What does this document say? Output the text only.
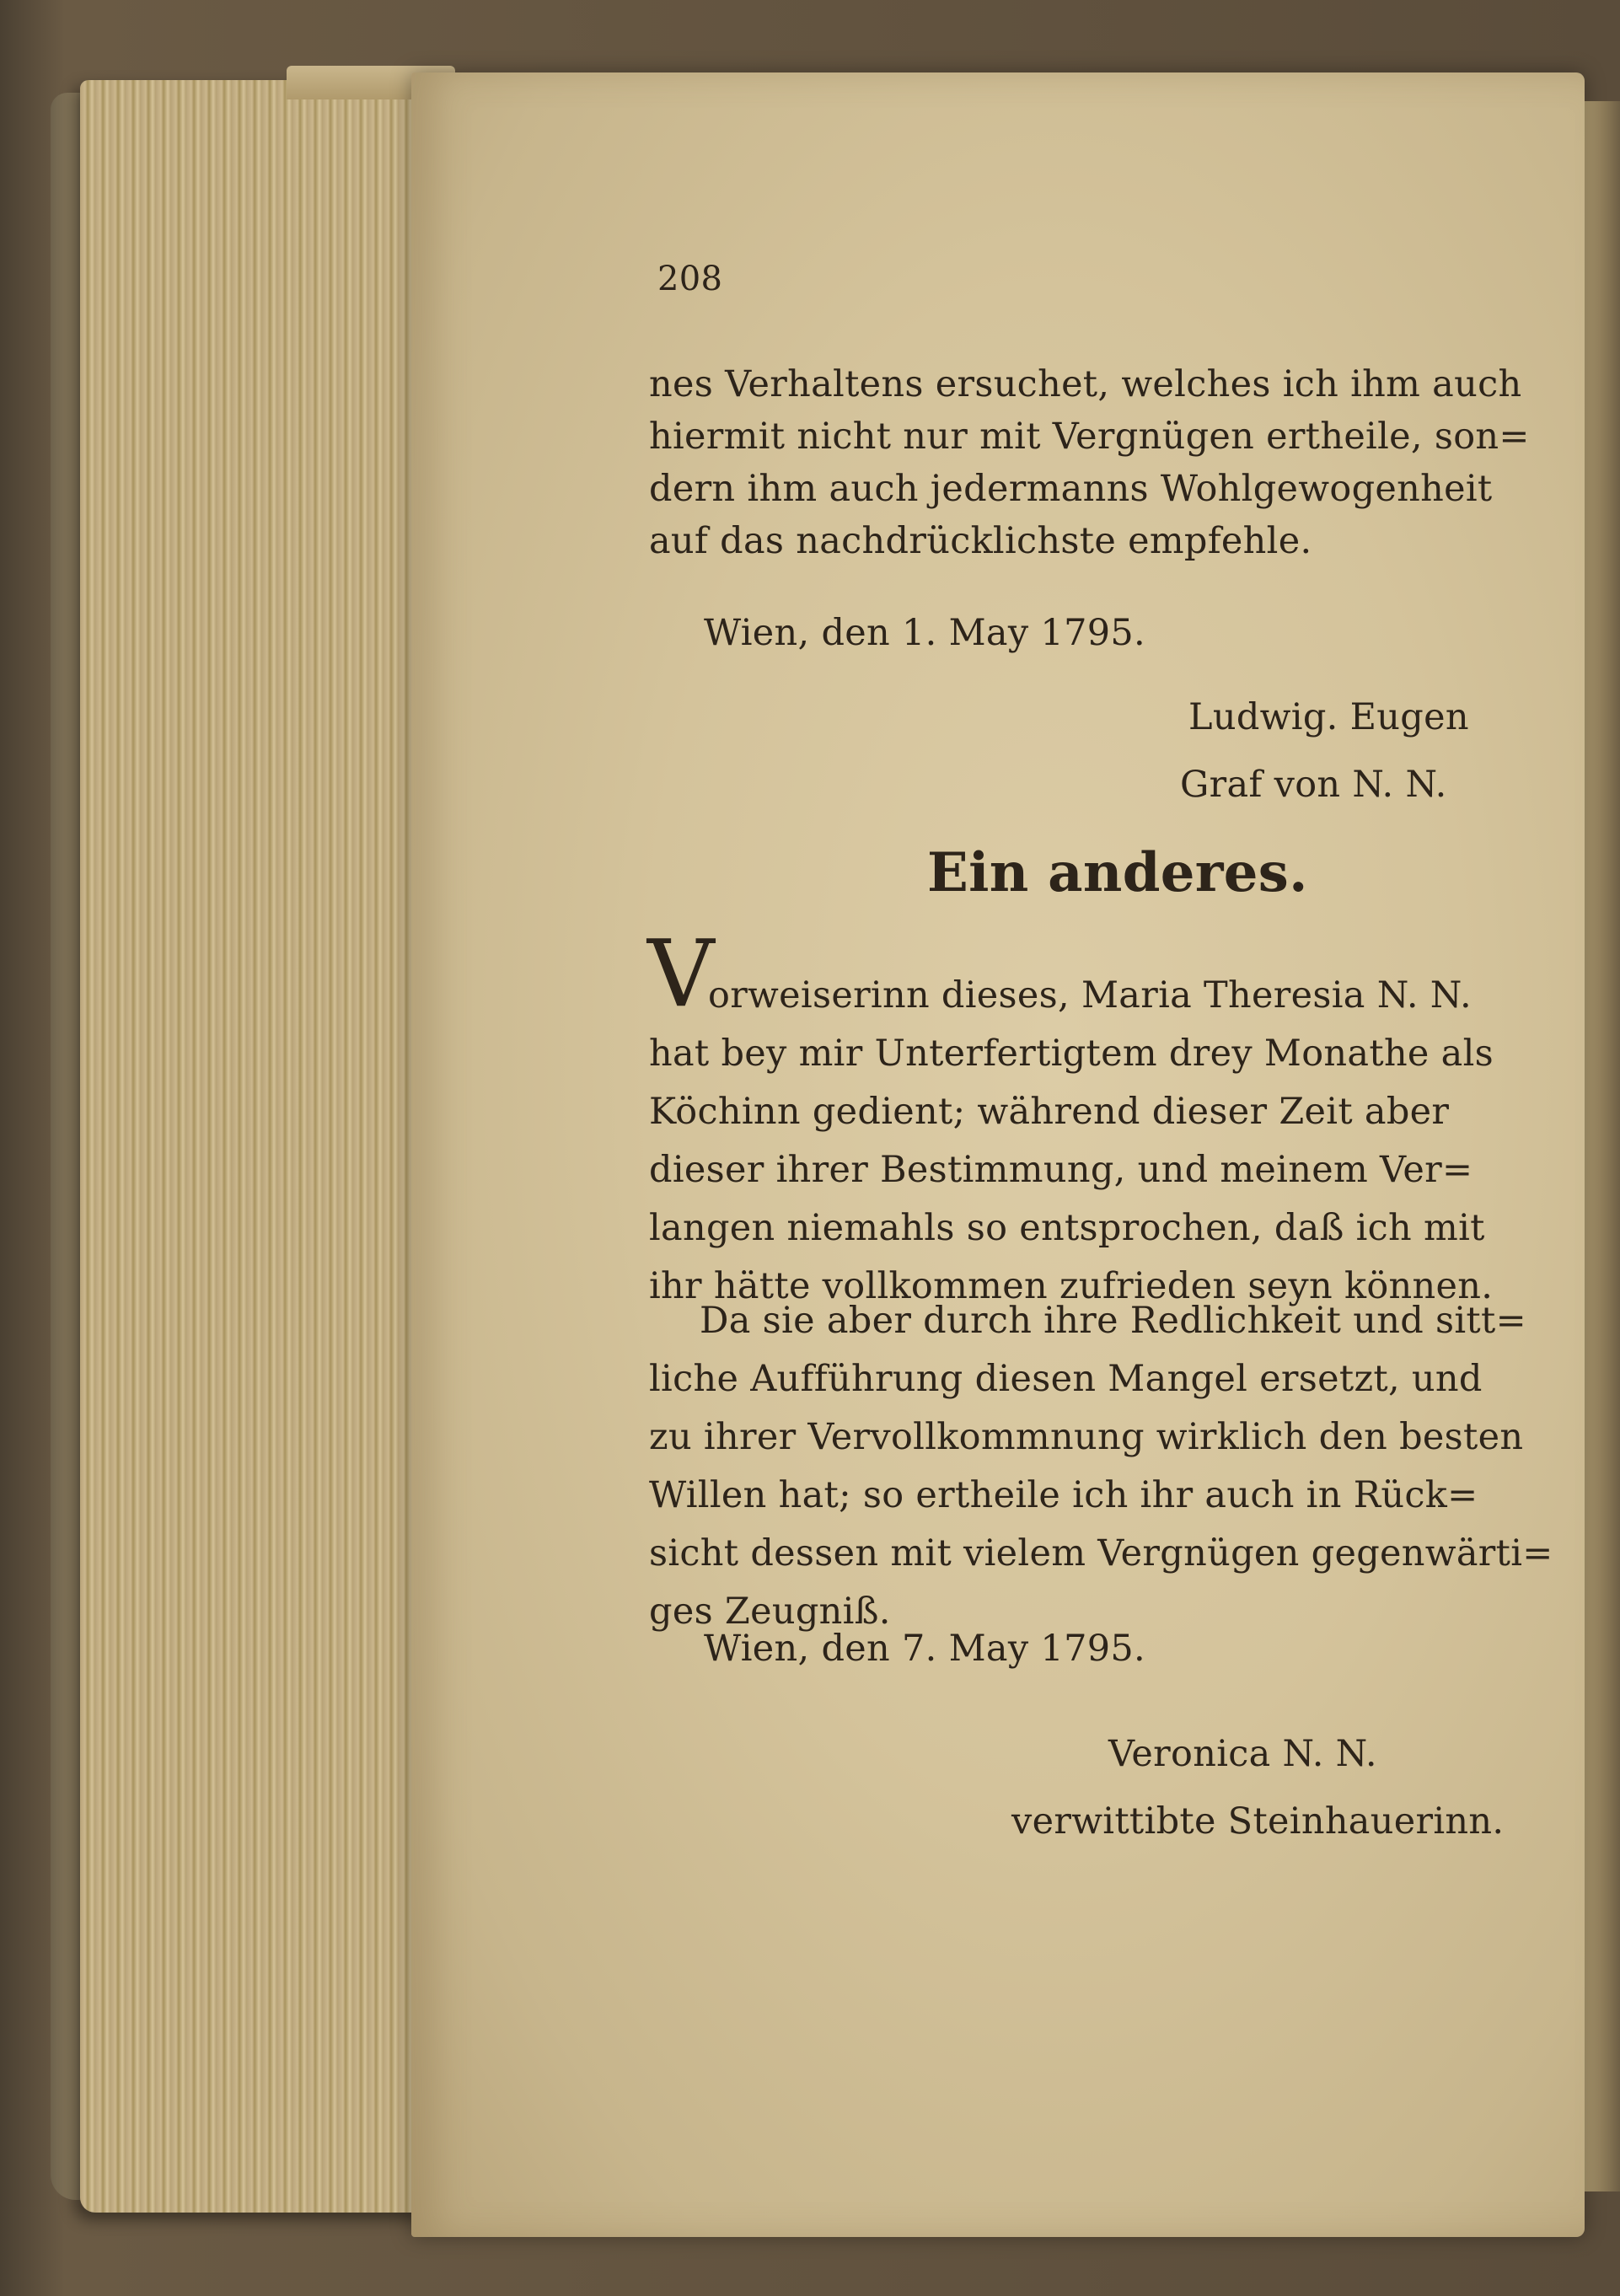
208
nes Verhaltens ersuchet, welches ich ihm auch
hiermit nicht nur mit Vergnügen ertheile, son=
dern ihm auch jedermanns Wohlgewogenheit
auf das nachdrücklichste empfehle.
Wien, den 1. May 1795.
Ludwig. Eugen
Graf von N. N.
Ein anderes.
V
orweiserinn dieses, Maria Theresia N. N.
hat bey mir Unterfertigtem drey Monathe als
Köchinn gedient; während dieser Zeit aber
dieser ihrer Bestimmung, und meinem Ver=
langen niemahls so entsprochen, daß ich mit
ihr hätte vollkommen zufrieden seyn können.
Da sie aber durch ihre Redlichkeit und sitt=
liche Aufführung diesen Mangel ersetzt, und
zu ihrer Vervollkommnung wirklich den besten
Willen hat; so ertheile ich ihr auch in Rück=
sicht dessen mit vielem Vergnügen gegenwärti=
ges Zeugniß.
Wien, den 7. May 1795.
Veronica N. N.
verwittibte Steinhauerinn.
